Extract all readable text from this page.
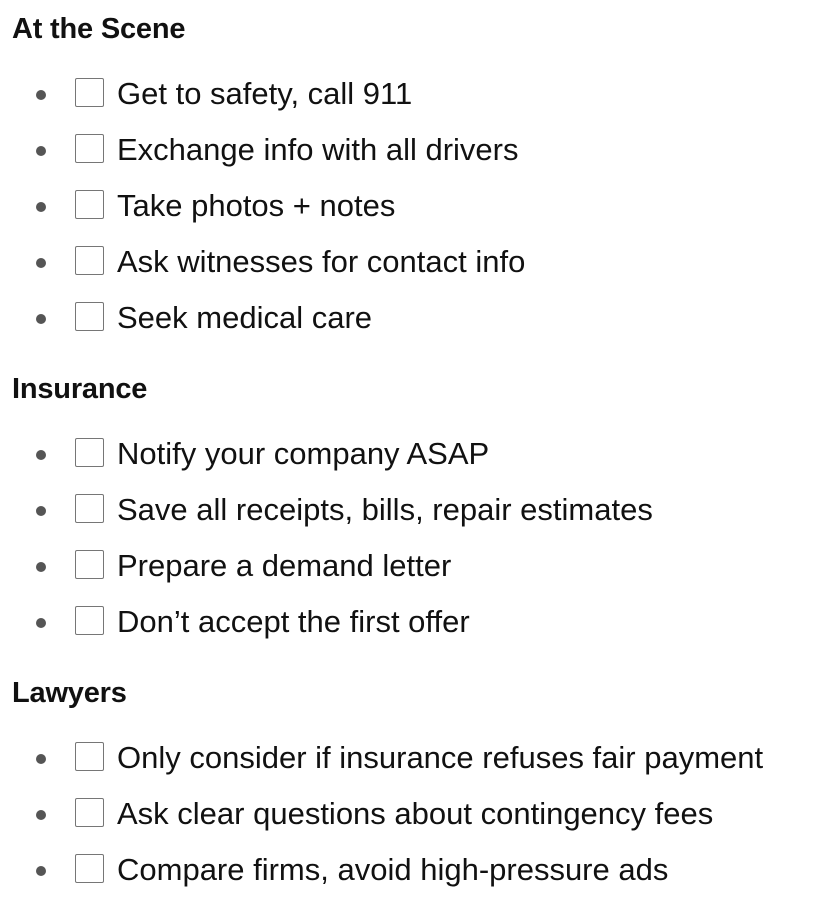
At the Scene
Get to safety, call 911
Exchange info with all drivers
Take photos + notes
Ask witnesses for contact info
Seek medical care
Insurance
Notify your company ASAP
Save all receipts, bills, repair estimates
Prepare a demand letter
Don’t accept the first offer
Lawyers
Only consider if insurance refuses fair payment
Ask clear questions about contingency fees
Compare firms, avoid high-pressure ads
